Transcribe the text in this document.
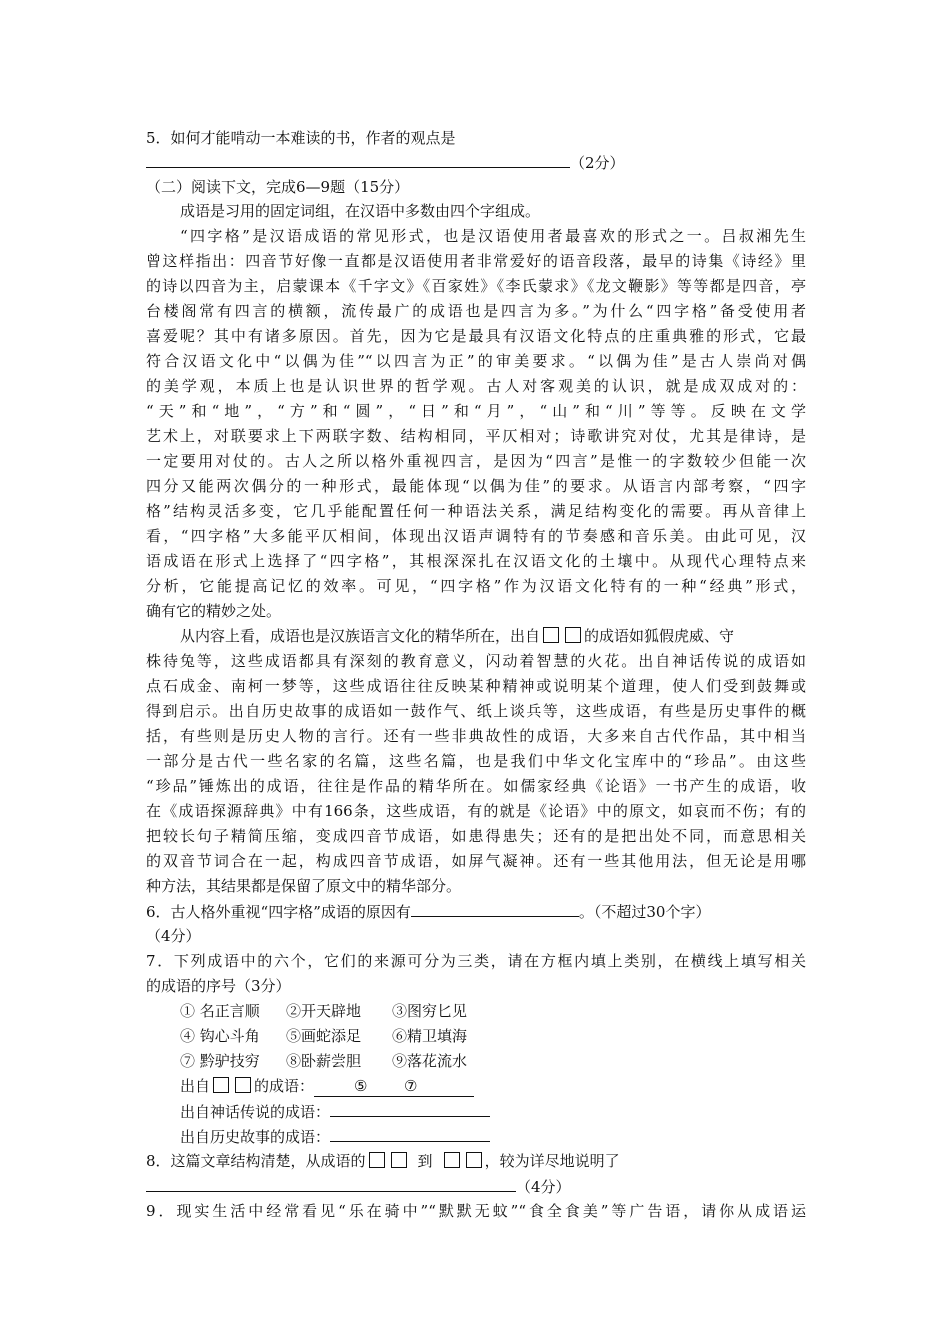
5．如何才能啃动一本难读的书，作者的观点是
（2分）
（二）阅读下文，完成6—9题（15分）
成语是习用的固定词组，在汉语中多数由四个字组成。
“四字格”是汉语成语的常见形式，也是汉语使用者最喜欢的形式之一。吕叔湘先生
曾这样指出：四音节好像一直都是汉语使用者非常爱好的语音段落，最早的诗集《诗经》里
的诗以四音为主，启蒙课本《千字文》《百家姓》《李氏蒙求》《龙文鞭影》等等都是四音，亭
台楼阁常有四言的横额，流传最广的成语也是四言为多。”为什么“四字格”备受使用者
喜爱呢？其中有诸多原因。首先，因为它是最具有汉语文化特点的庄重典雅的形式，它最
符合汉语文化中“以偶为佳”“以四言为正”的审美要求。“以偶为佳”是古人崇尚对偶
的美学观，本质上也是认识世界的哲学观。古人对客观美的认识，就是成双成对的：
“天”和“地”，“方”和“圆”，“日”和“月”，“山”和“川”等等。反映在文学
艺术上，对联要求上下两联字数、结构相同，平仄相对；诗歌讲究对仗，尤其是律诗，是
一定要用对仗的。古人之所以格外重视四言，是因为“四言”是惟一的字数较少但能一次
四分又能两次偶分的一种形式，最能体现“以偶为佳”的要求。从语言内部考察，“四字
格”结构灵活多变，它几乎能配置任何一种语法关系，满足结构变化的需要。再从音律上
看，“四字格”大多能平仄相间，体现出汉语声调特有的节奏感和音乐美。由此可见，汉
语成语在形式上选择了“四字格”，其根深深扎在汉语文化的土壤中。从现代心理特点来
分析，它能提高记忆的效率。可见，“四字格”作为汉语文化特有的一种“经典”形式，
确有它的精妙之处。
从内容上看，成语也是汉族语言文化的精华所在，出自	的成语如狐假虎威、守
株待兔等，这些成语都具有深刻的教育意义，闪动着智慧的火花。出自神话传说的成语如
点石成金、南柯一梦等，这些成语往往反映某种精神或说明某个道理，使人们受到鼓舞或
得到启示。出自历史故事的成语如一鼓作气、纸上谈兵等，这些成语，有些是历史事件的概
括，有些则是历史人物的言行。还有一些非典故性的成语，大多来自古代作品，其中相当
一部分是古代一些名家的名篇，这些名篇，也是我们中华文化宝库中的“珍品”。由这些
“珍品”锤炼出的成语，往往是作品的精华所在。如儒家经典《论语》一书产生的成语，收
在《成语探源辞典》中有166条，这些成语，有的就是《论语》中的原文，如哀而不伤；有的
把较长句子精简压缩，变成四音节成语，如患得患失；还有的是把出处不同，而意思相关
的双音节词合在一起，构成四音节成语，如屏气凝神。还有一些其他用法，但无论是用哪
种方法，其结果都是保留了原文中的精华部分。
6．古人格外重视“四字格”成语的原因有	。（不超过30个字）
（4分）
7．下列成语中的六个，它们的来源可分为三类，请在方框内填上类别，在横线上填写相关
的成语的序号（3分）
① 名正言顺 ②开天辟地 ③图穷匕见
④ 钩心斗角 ⑤画蛇添足 ⑥精卫填海
⑦ 黔驴技穷 ⑧卧薪尝胆 ⑨落花流水
出自	的成语：	⑤ ⑦
出自神话传说的成语：
出自历史故事的成语：
8．这篇文章结构清楚，从成语的	到	，较为详尽地说明了
（4分）
9．现实生活中经常看见“乐在骑中”“默默无蚊”“食全食美”等广告语，请你从成语运
